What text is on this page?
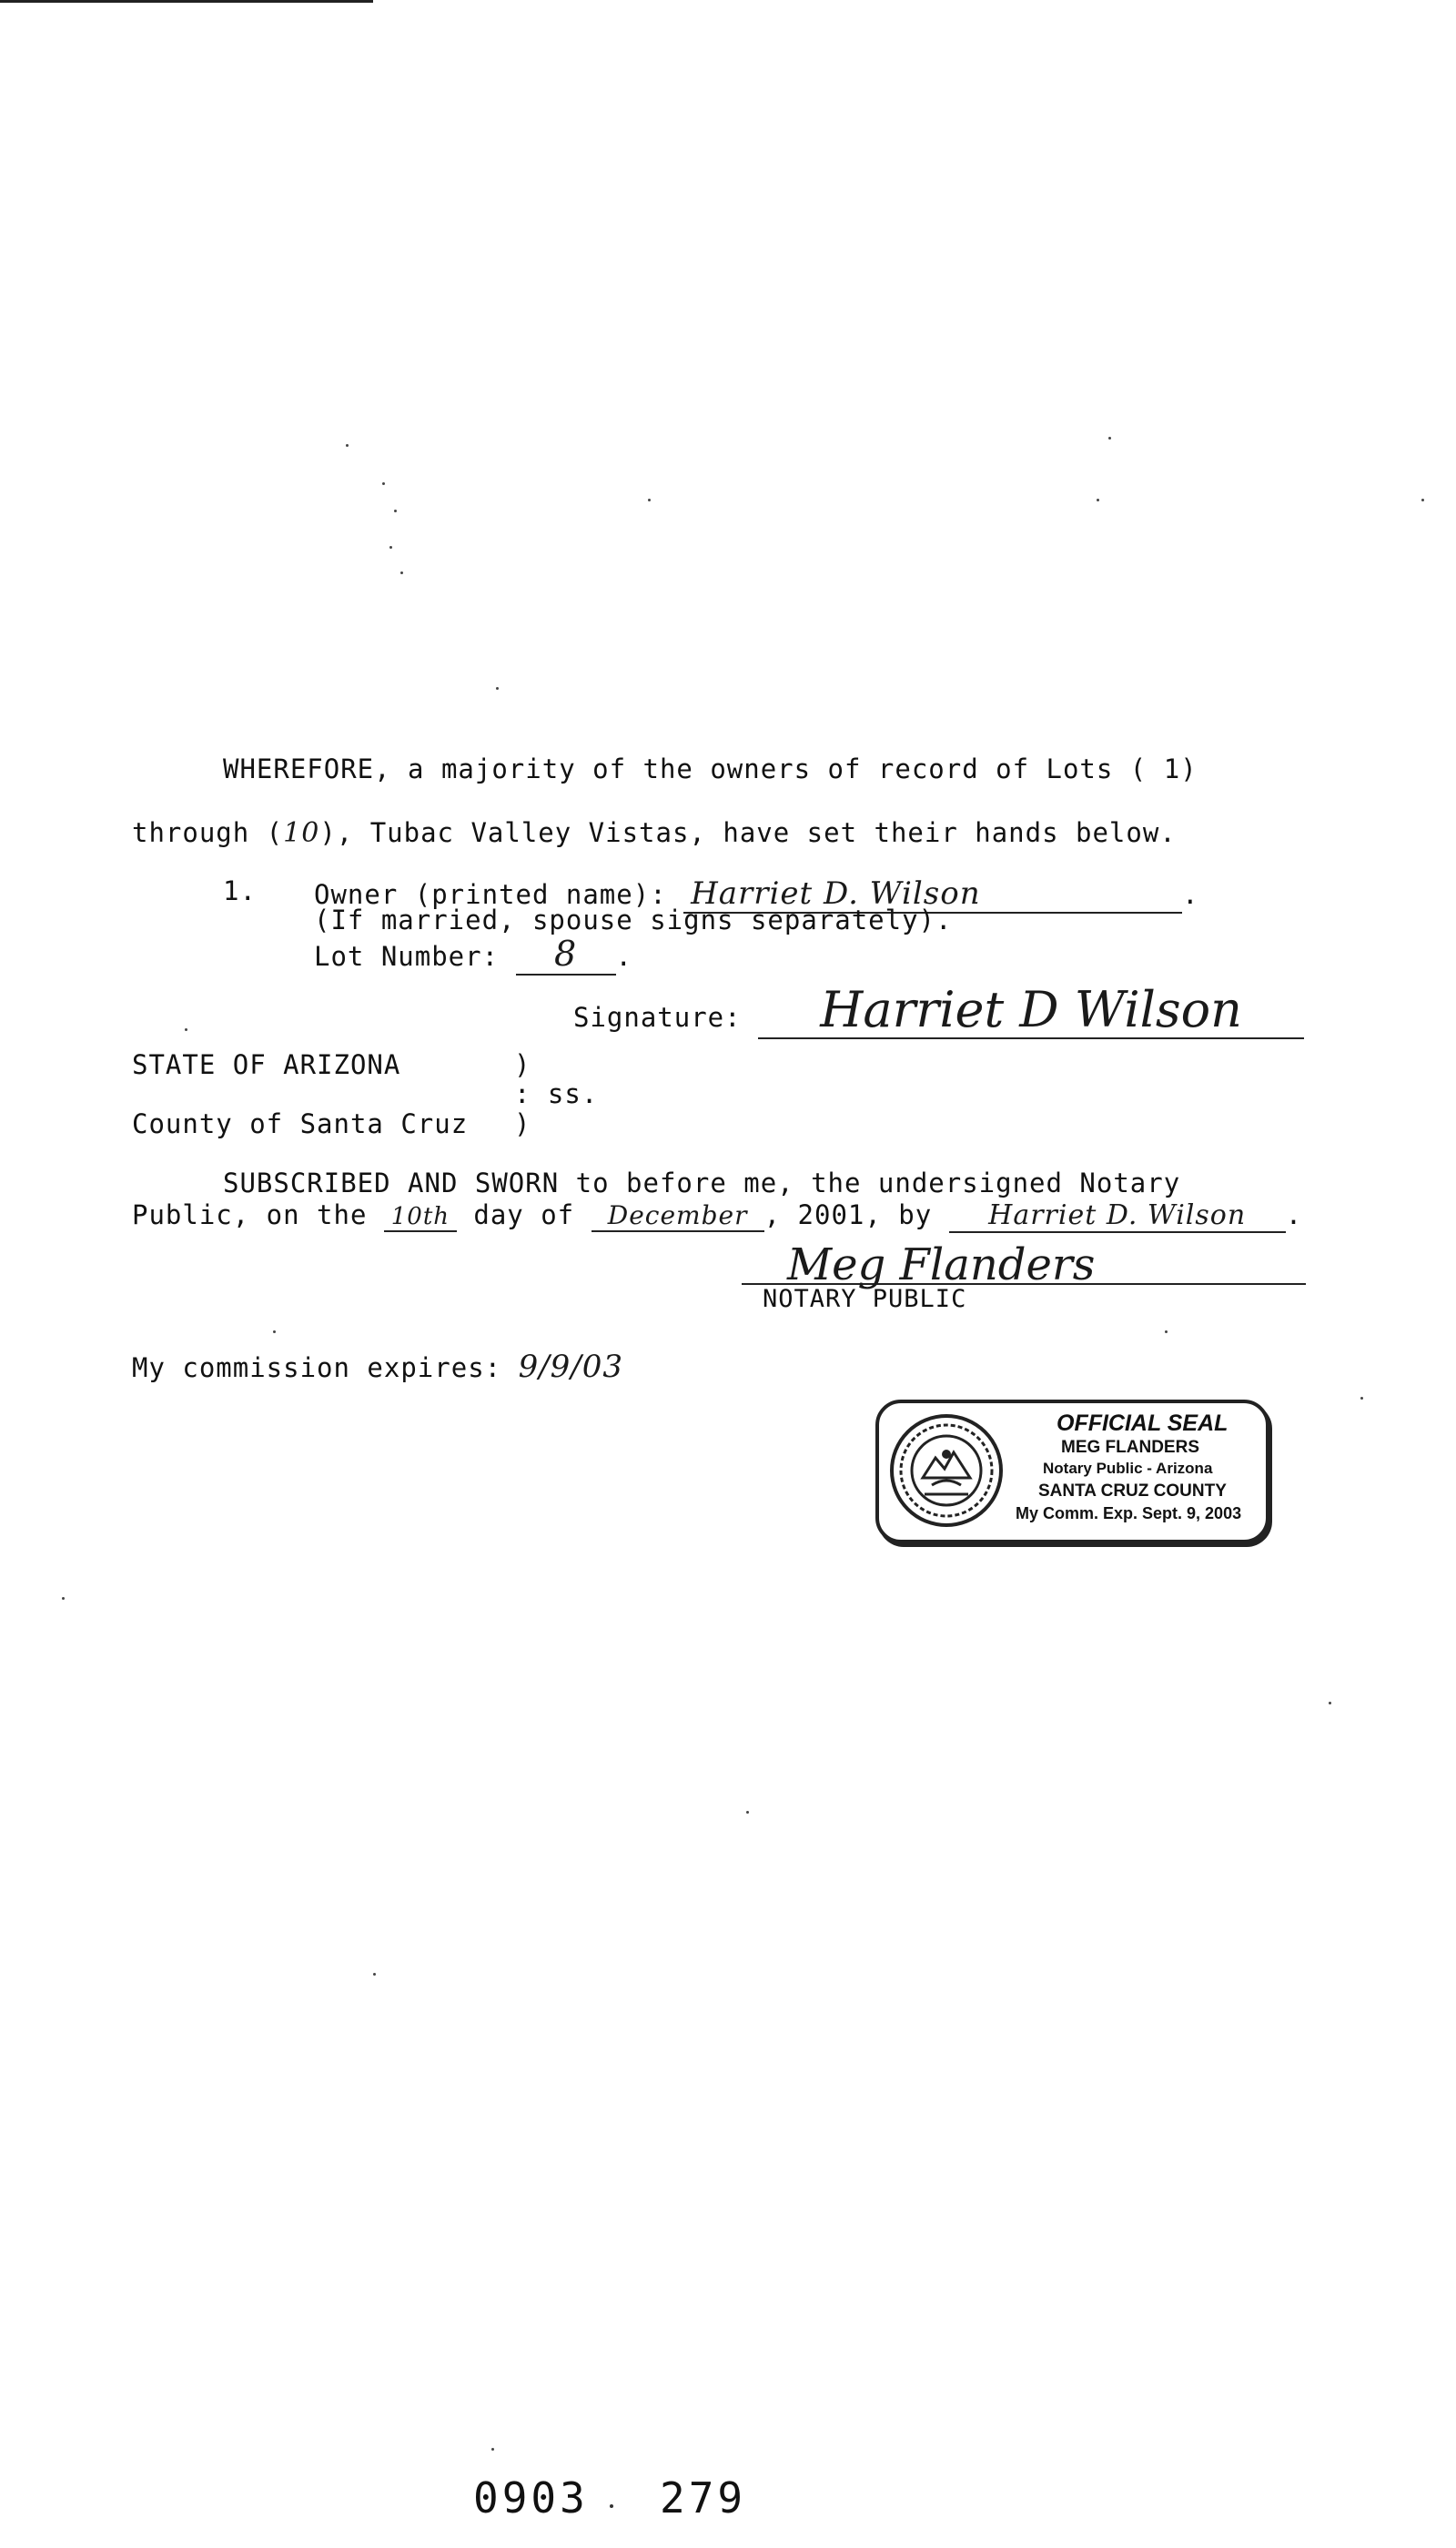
WHEREFORE, a majority of the owners of record of Lots ( 1)
through (10), Tubac Valley Vistas, have set their hands below.
1. Owner (printed name): Harriet D. Wilson	.
(If married, spouse signs separately).
Lot Number: 8 .
Signature: Harriet D Wilson
STATE OF ARIZONA	)
: ss.
County of Santa Cruz )
SUBSCRIBED AND SWORN to before me, the undersigned Notary
Public, on the 10th day of December , 2001, by Harriet D. Wilson .
Meg Flanders
NOTARY PUBLIC
My commission expires: 9/9/03
OFFICIAL SEAL
MEG FLANDERS
Notary Public - Arizona
SANTA CRUZ COUNTY
My Comm. Exp. Sept. 9, 2003
0903 279
